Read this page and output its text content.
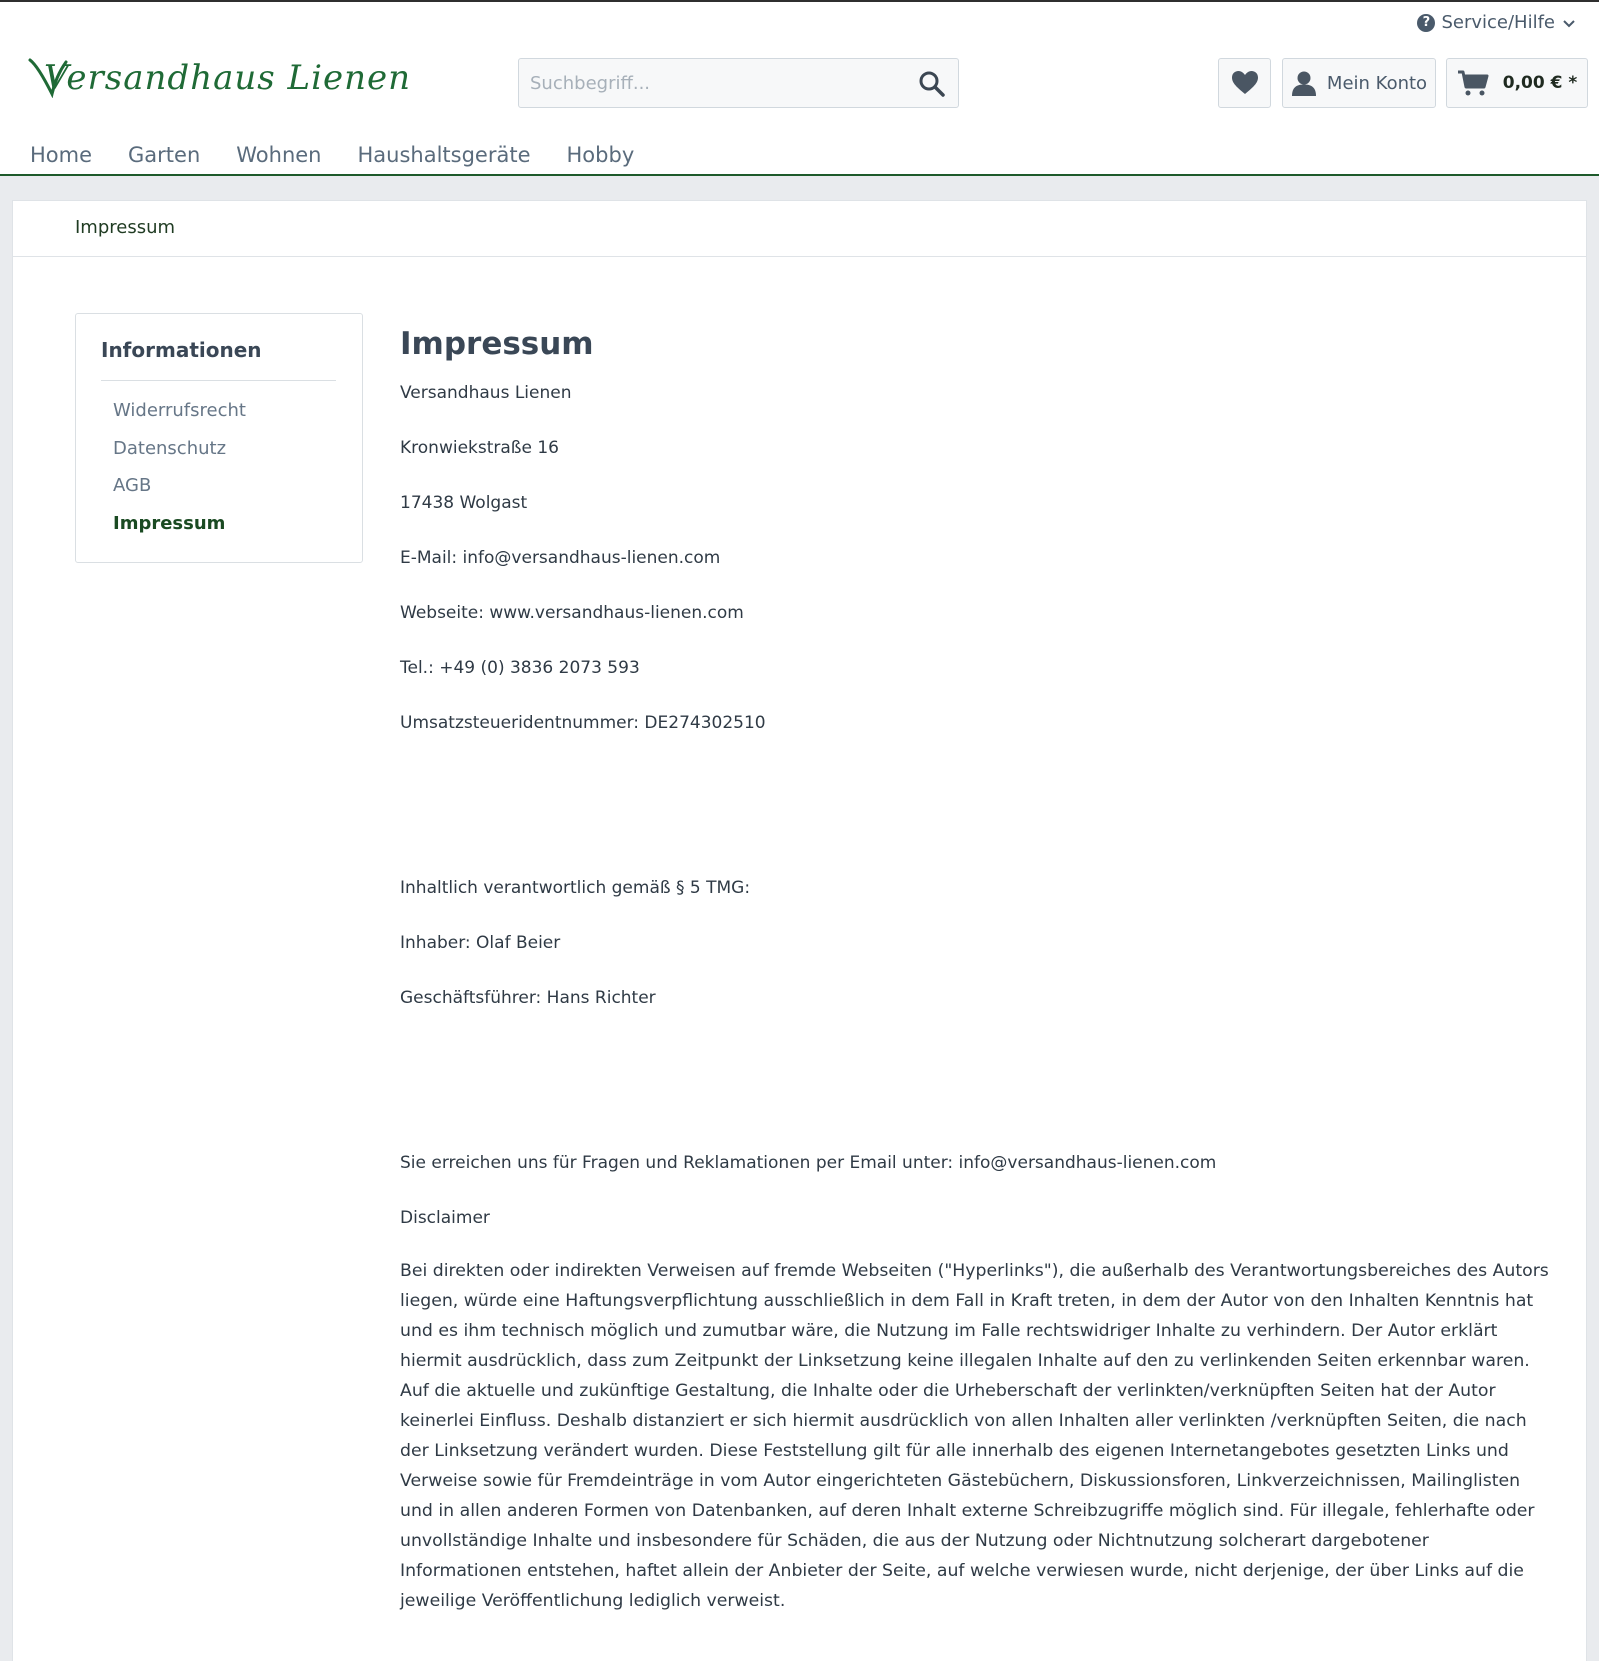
? Service/Hilfe
Versandhaus Lienen
Suchbegriff...	Mein Konto	0,00 € *
Home Garten Wohnen Haushaltsgeräte Hobby
Impressum
Informationen
Widerrufsrecht
Datenschutz
AGB
Impressum
Impressum
Versandhaus Lienen
Kronwiekstraße 16
17438 Wolgast
E-Mail: info@versandhaus-lienen.com
Webseite: www.versandhaus-lienen.com
Tel.: +49 (0) 3836 2073 593
Umsatzsteueridentnummer: DE274302510
Inhaltlich verantwortlich gemäß § 5 TMG:
Inhaber: Olaf Beier
Geschäftsführer: Hans Richter
Sie erreichen uns für Fragen und Reklamationen per Email unter: info@versandhaus-lienen.com
Disclaimer
Bei direkten oder indirekten Verweisen auf fremde Webseiten ("Hyperlinks"), die außerhalb des Verantwortungsbereiches des Autors liegen, würde eine Haftungsverpflichtung ausschließlich in dem Fall in Kraft treten, in dem der Autor von den Inhalten Kenntnis hat und es ihm technisch möglich und zumutbar wäre, die Nutzung im Falle rechtswidriger Inhalte zu verhindern. Der Autor erklärt hiermit ausdrücklich, dass zum Zeitpunkt der Linksetzung keine illegalen Inhalte auf den zu verlinkenden Seiten erkennbar waren. Auf die aktuelle und zukünftige Gestaltung, die Inhalte oder die Urheberschaft der verlinkten/verknüpften Seiten hat der Autor keinerlei Einfluss. Deshalb distanziert er sich hiermit ausdrücklich von allen Inhalten aller verlinkten /verknüpften Seiten, die nach der Linksetzung verändert wurden. Diese Feststellung gilt für alle innerhalb des eigenen Internetangebotes gesetzten Links und Verweise sowie für Fremdeinträge in vom Autor eingerichteten Gästebüchern, Diskussionsforen, Linkverzeichnissen, Mailinglisten und in allen anderen Formen von Datenbanken, auf deren Inhalt externe Schreibzugriffe möglich sind. Für illegale, fehlerhafte oder unvollständige Inhalte und insbesondere für Schäden, die aus der Nutzung oder Nichtnutzung solcherart dargebotener Informationen entstehen, haftet allein der Anbieter der Seite, auf welche verwiesen wurde, nicht derjenige, der über Links auf die jeweilige Veröffentlichung lediglich verweist.
